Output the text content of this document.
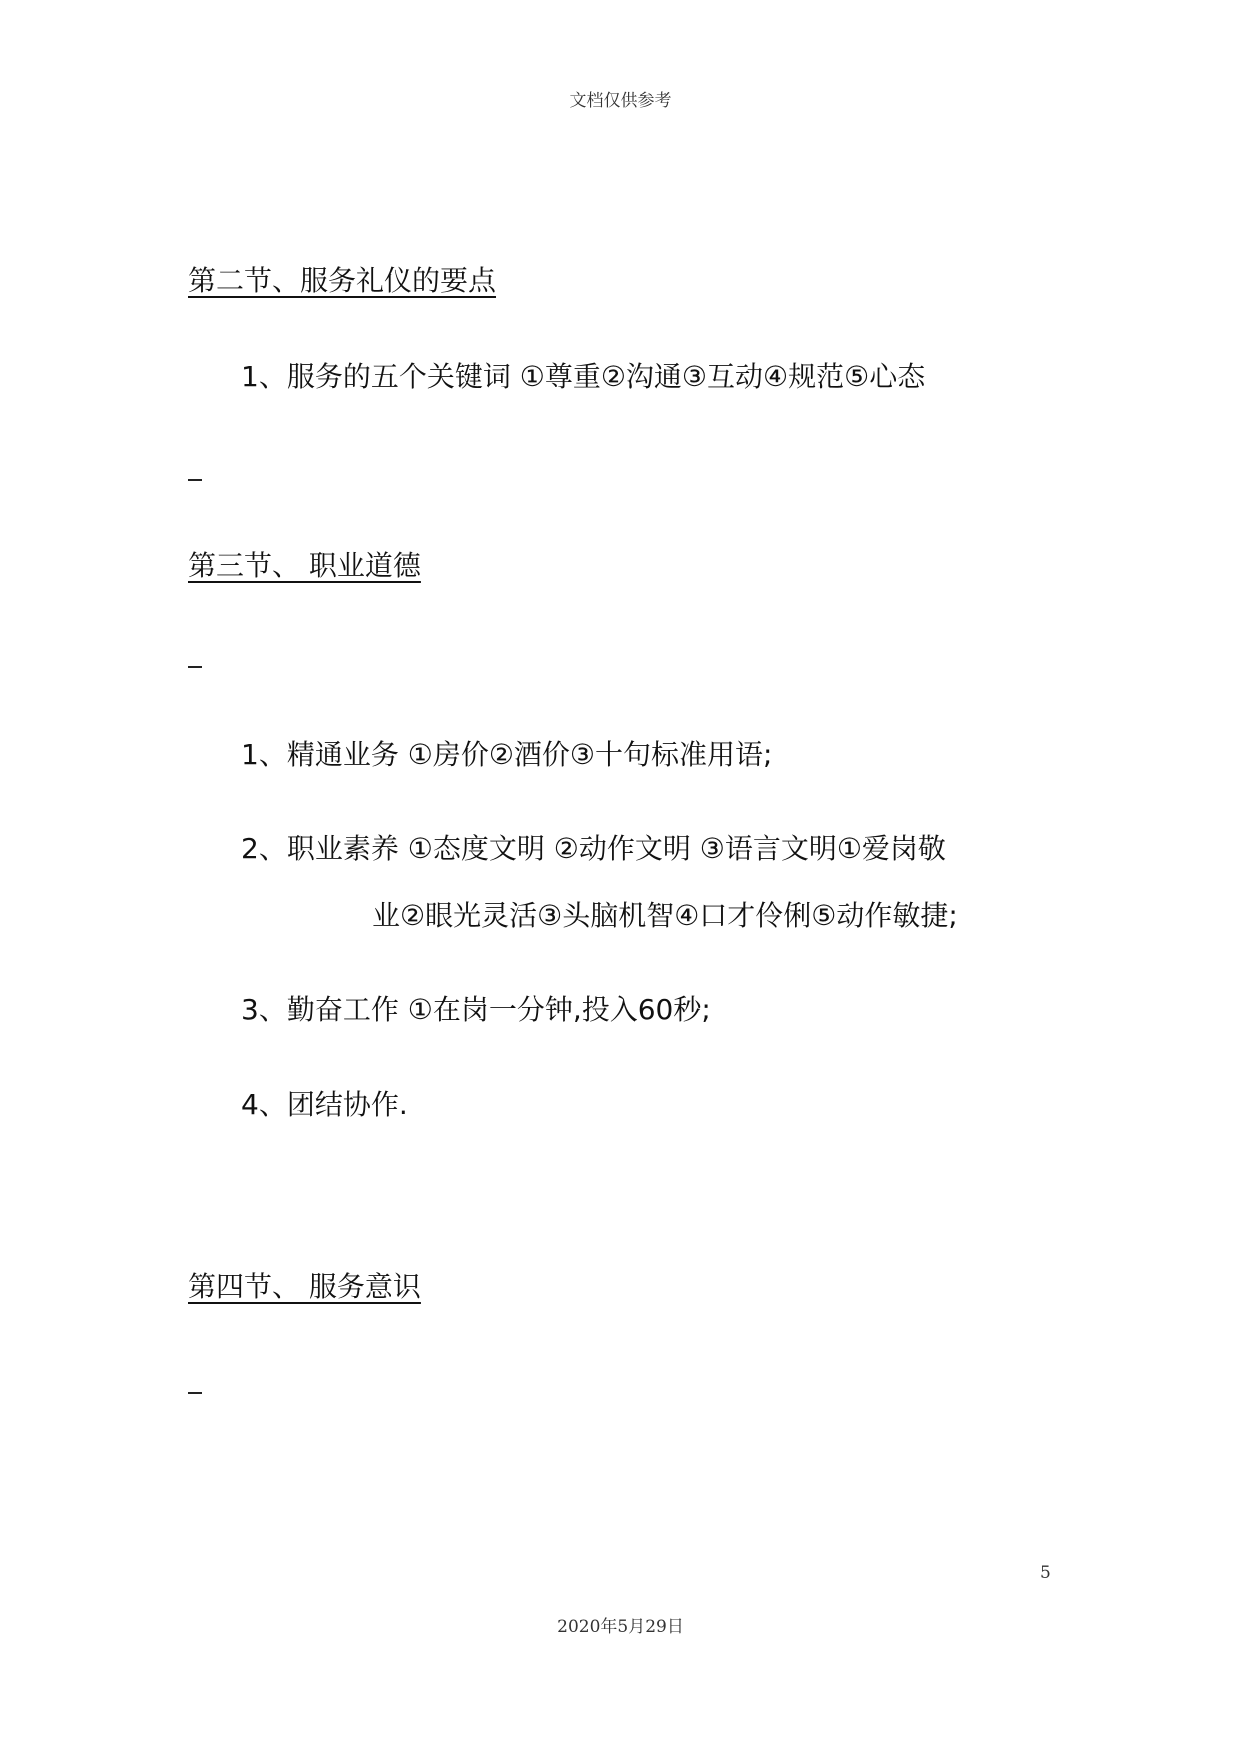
文档仅供参考
第二节、服务礼仪的要点
1、服务的五个关键词 ①尊重②沟通③互动④规范⑤心态
第三节、 职业道德
1、精通业务 ①房价②酒价③十句标准用语;
2、职业素养 ①态度文明 ②动作文明 ③语言文明①爱岗敬
业②眼光灵活③头脑机智④口才伶俐⑤动作敏捷;
3、勤奋工作 ①在岗一分钟,投入60秒;
4、团结协作.
第四节、 服务意识
5
2020年5月29日
